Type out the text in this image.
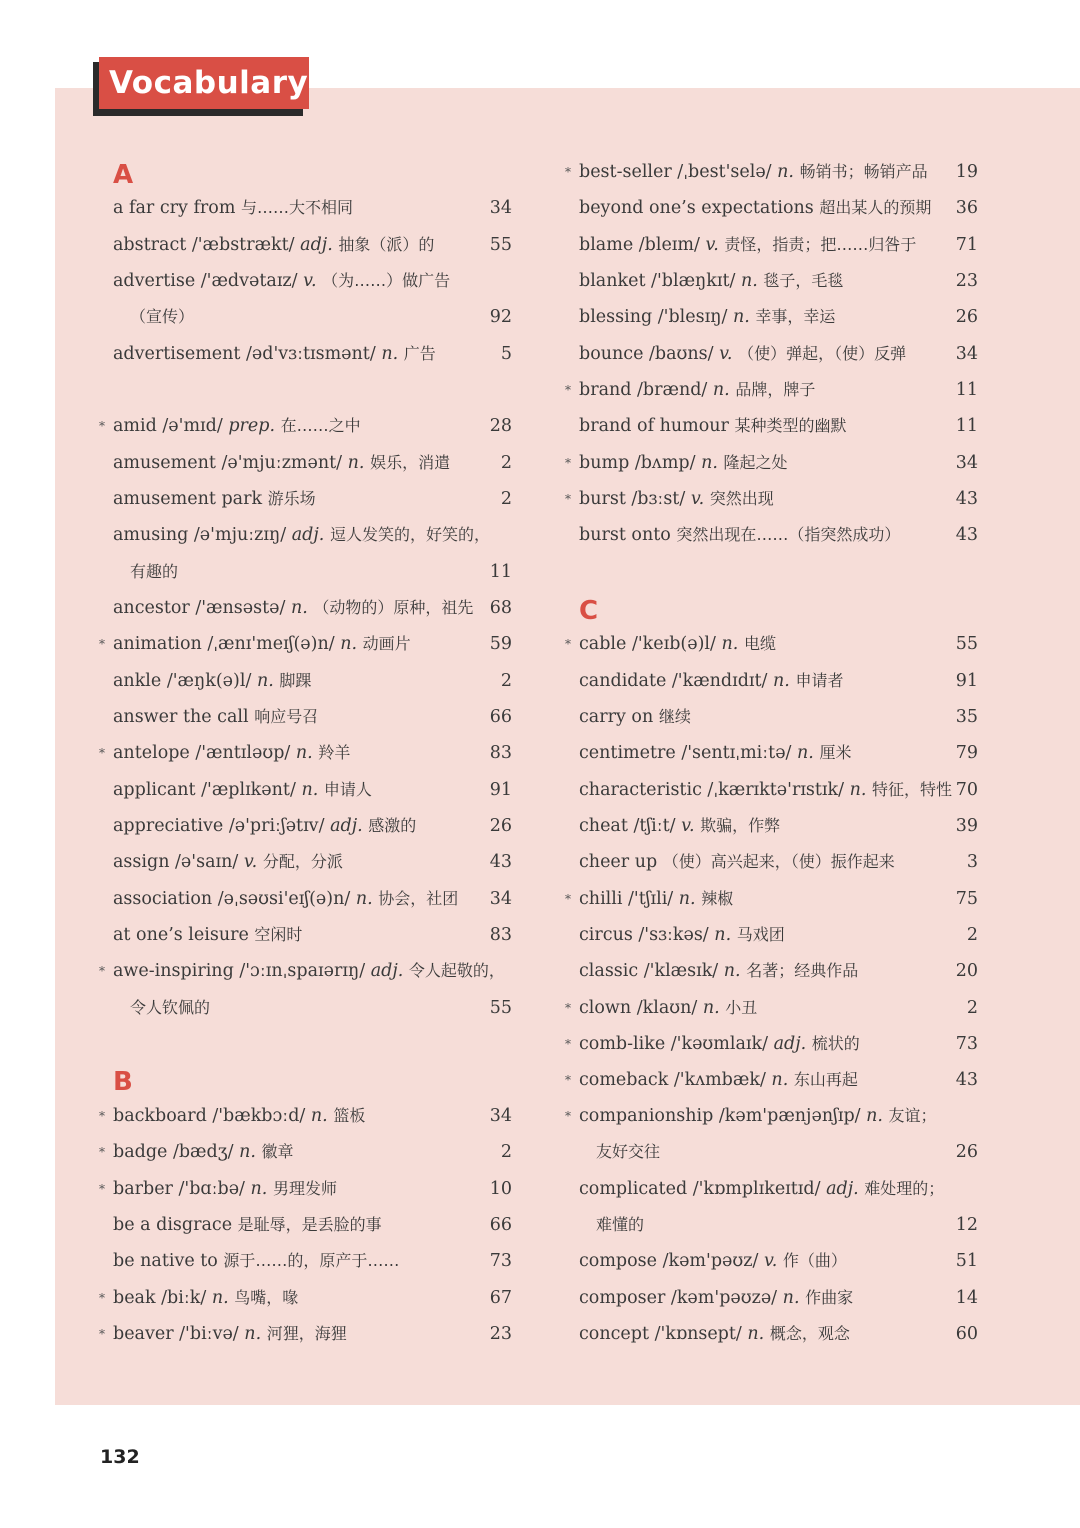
Vocabulary
A
a far cry from 与……大不相同	34
abstract /'æbstrækt/ adj. 抽象（派）的	55
advertise /'ædvətaɪz/ v. （为……）做广告
（宣传）	92
advertisement /əd'vɜːtɪsmənt/ n. 广告	5
* amid /ə'mɪd/ prep. 在……之中	28
amusement /ə'mjuːzmənt/ n. 娱乐，消遣	2
amusement park 游乐场	2
amusing /ə'mjuːzɪŋ/ adj. 逗人发笑的，好笑的，
有趣的	11
ancestor /'ænsəstə/ n. （动物的）原种，祖先 68
* animation /ˌænɪ'meɪʃ(ə)n/ n. 动画片	59
ankle /'æŋk(ə)l/ n. 脚踝	2
answer the call 响应号召	66
* antelope /'æntɪləʊp/ n. 羚羊	83
applicant /'æplɪkənt/ n. 申请人	91
appreciative /ə'priːʃətɪv/ adj. 感激的	26
assign /ə'saɪn/ v. 分配，分派	43
association /əˌsəʊsi'eɪʃ(ə)n/ n. 协会，社团	34
at one’s leisure 空闲时	83
* awe-inspiring /'ɔːɪnˌspaɪərɪŋ/ adj. 令人起敬的，
令人钦佩的	55
B
* backboard /'bækbɔːd/ n. 篮板	34
* badge /bædʒ/ n. 徽章	2
* barber /'bɑːbə/ n. 男理发师	10
be a disgrace 是耻辱，是丢脸的事	66
be native to 源于……的，原产于……	73
* beak /biːk/ n. 鸟嘴，喙	67
* beaver /'biːvə/ n. 河狸，海狸	23
* best-seller /ˌbest'selə/ n. 畅销书；畅销产品	19
beyond one’s expectations 超出某人的预期	36
blame /bleɪm/ v. 责怪，指责；把……归咎于	71
blanket /'blæŋkɪt/ n. 毯子，毛毯	23
blessing /'blesɪŋ/ n. 幸事，幸运	26
bounce /baʊns/ v. （使）弹起，（使）反弹	34
* brand /brænd/ n. 品牌，牌子	11
brand of humour 某种类型的幽默	11
* bump /bʌmp/ n. 隆起之处	34
* burst /bɜːst/ v. 突然出现	43
burst onto 突然出现在……（指突然成功）	43
C
* cable /'keɪb(ə)l/ n. 电缆	55
candidate /'kændɪdɪt/ n. 申请者	91
carry on 继续	35
centimetre /'sentɪˌmiːtə/ n. 厘米	79
characteristic /ˌkærɪktə'rɪstɪk/ n. 特征，特性 70
cheat /tʃiːt/ v. 欺骗，作弊	39
cheer up （使）高兴起来，（使）振作起来	3
* chilli /'tʃɪli/ n. 辣椒	75
circus /'sɜːkəs/ n. 马戏团	2
classic /'klæsɪk/ n. 名著；经典作品	20
* clown /klaʊn/ n. 小丑	2
* comb-like /'kəʊmlaɪk/ adj. 梳状的	73
* comeback /'kʌmbæk/ n. 东山再起	43
* companionship /kəm'pænjənʃɪp/ n. 友谊；
友好交往	26
complicated /'kɒmplɪkeɪtɪd/ adj. 难处理的；
难懂的	12
compose /kəm'pəʊz/ v. 作（曲）	51
composer /kəm'pəʊzə/ n. 作曲家	14
concept /'kɒnsept/ n. 概念，观念	60
132
